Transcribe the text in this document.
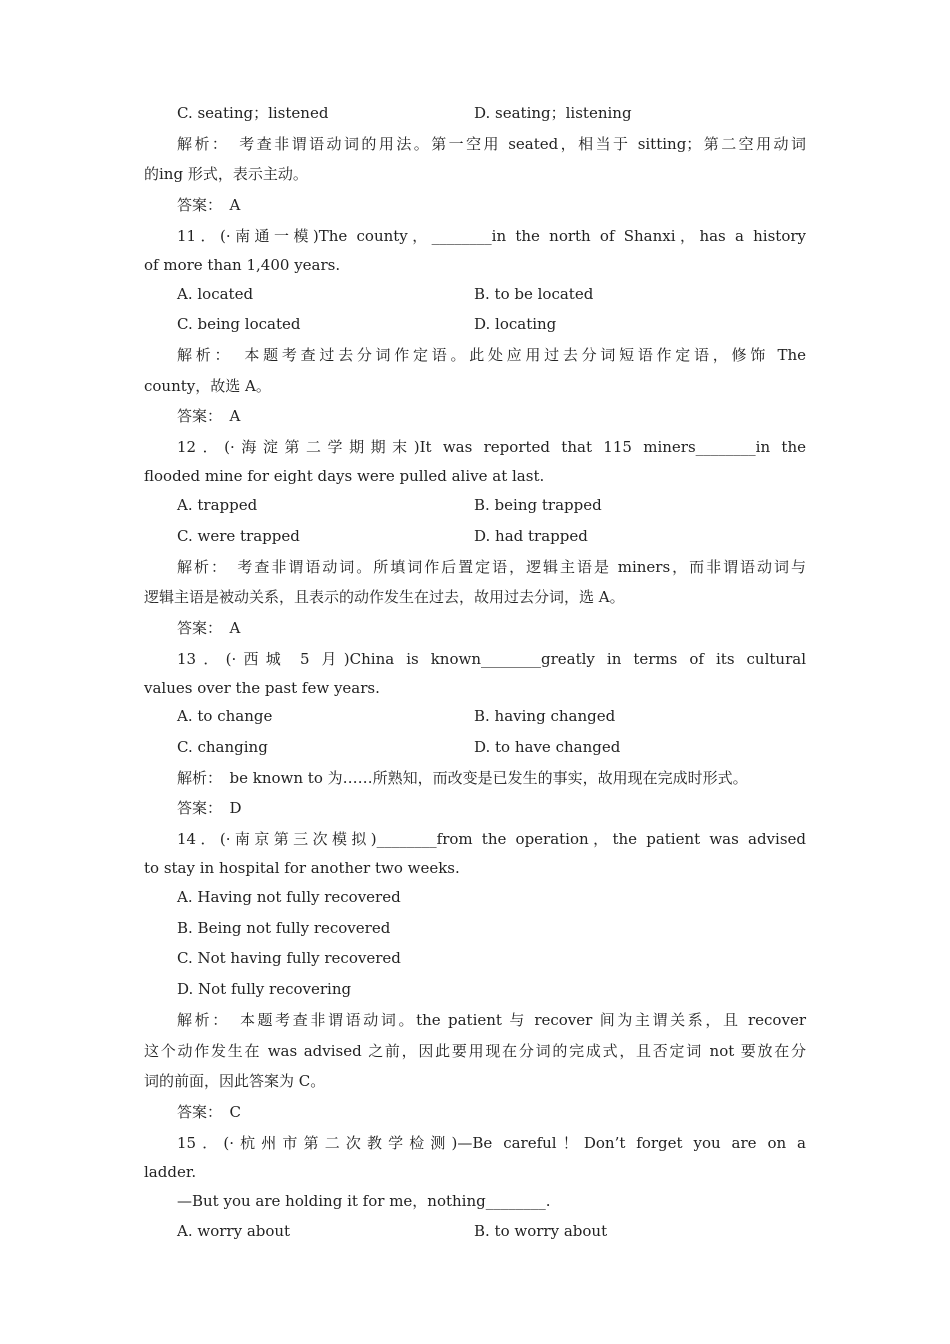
C. seating；listened	D. seating；listening
解析：　考查非谓语动词的用法。第一空用 seated，相当于 sitting；第二空用动词
的ing 形式，表示主动。
答案：　A
11．(·南通一模)The county，________in the north of Shanxi，has a history
of more than 1,400 years.
A. located	B. to be located
C. being located	D. locating
解析：　本题考查过去分词作定语。此处应用过去分词短语作定语，修饰 The
county，故选 A。
答案：　A
12．(·海淀第二学期期末)It was reported that 115 miners________in the
flooded mine for eight days were pulled alive at last.
A. trapped	B. being trapped
C. were trapped	D. had trapped
解析：　考查非谓语动词。所填词作后置定语，逻辑主语是 miners，而非谓语动词与
逻辑主语是被动关系，且表示的动作发生在过去，故用过去分词，选 A。
答案：　A
13．(·西城 5 月)China is known________greatly in terms of its cultural
values over the past few years.
A. to change	B. having changed
C. changing	D. to have changed
解析：　be known to 为……所熟知，而改变是已发生的事实，故用现在完成时形式。
答案：　D
14．(·南京第三次模拟)________from the operation，the patient was advised
to stay in hospital for another two weeks.
A. Having not fully recovered
B. Being not fully recovered
C. Not having fully recovered
D. Not fully recovering
解析：　本题考查非谓语动词。the patient 与 recover 间为主谓关系，且 recover
这个动作发生在 was advised 之前，因此要用现在分词的完成式，且否定词 not 要放在分
词的前面，因此答案为 C。
答案：　C
15．(·杭州市第二次教学检测)—Be careful！Don’t forget you are on a
ladder.
—But you are holding it for me，nothing________.
A. worry about	B. to worry about
